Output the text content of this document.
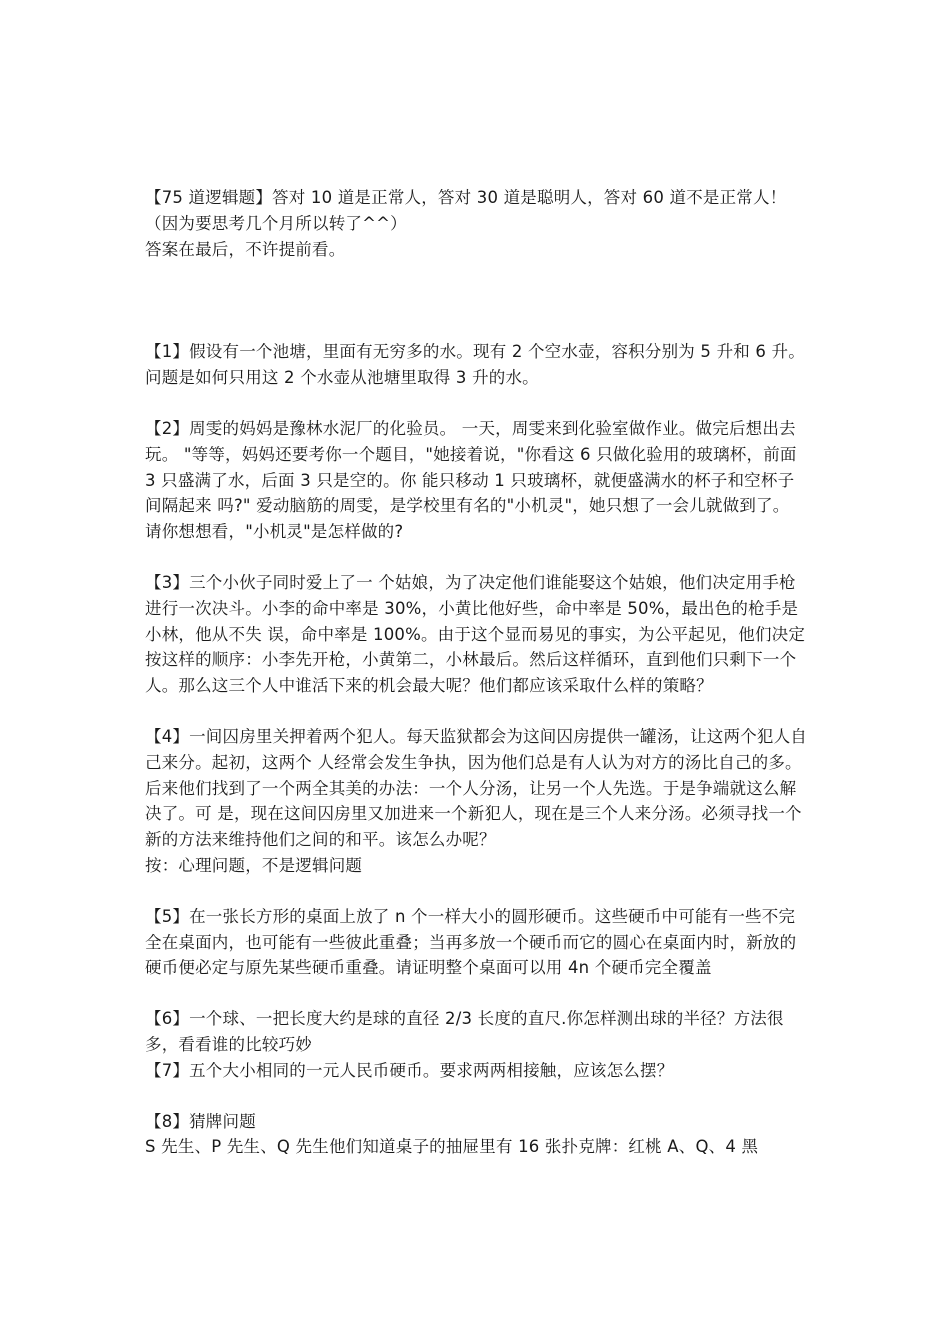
【75 道逻辑题】答对 10 道是正常人，答对 30 道是聪明人，答对 60 道不是正常人！（因为要思考几个月所以转了^^）
答案在最后，不许提前看。

【1】假设有一个池塘，里面有无穷多的水。现有 2 个空水壶，容积分别为 5 升和 6 升。问题是如何只用这 2 个水壶从池塘里取得 3 升的水。

【2】周雯的妈妈是豫林水泥厂的化验员。 一天，周雯来到化验室做作业。做完后想出去玩。 "等等，妈妈还要考你一个题目，"她接着说，"你看这 6 只做化验用的玻璃杯，前面 3 只盛满了水，后面 3 只是空的。你 能只移动 1 只玻璃杯，就便盛满水的杯子和空杯子间隔起来 吗?" 爱动脑筋的周雯，是学校里有名的"小机灵"，她只想了一会儿就做到了。 请你想想看，"小机灵"是怎样做的?

【3】三个小伙子同时爱上了一 个姑娘，为了决定他们谁能娶这个姑娘，他们决定用手枪进行一次决斗。小李的命中率是 30%，小黄比他好些，命中率是 50%，最出色的枪手是小林，他从不失 误，命中率是 100%。由于这个显而易见的事实，为公平起见，他们决定按这样的顺序：小李先开枪，小黄第二，小林最后。然后这样循环，直到他们只剩下一个 人。那么这三个人中谁活下来的机会最大呢？他们都应该采取什么样的策略？

【4】一间囚房里关押着两个犯人。每天监狱都会为这间囚房提供一罐汤，让这两个犯人自己来分。起初，这两个 人经常会发生争执，因为他们总是有人认为对方的汤比自己的多。后来他们找到了一个两全其美的办法：一个人分汤，让另一个人先选。于是争端就这么解决了。可 是，现在这间囚房里又加进来一个新犯人，现在是三个人来分汤。必须寻找一个新的方法来维持他们之间的和平。该怎么办呢？
按：心理问题，不是逻辑问题

【5】在一张长方形的桌面上放了 n 个一样大小的圆形硬币。这些硬币中可能有一些不完全在桌面内，也可能有一些彼此重叠；当再多放一个硬币而它的圆心在桌面内时，新放的硬币便必定与原先某些硬币重叠。请证明整个桌面可以用 4n 个硬币完全覆盖

【6】一个球、一把长度大约是球的直径 2/3 长度的直尺.你怎样测出球的半径？方法很多，看看谁的比较巧妙
【7】五个大小相同的一元人民币硬币。要求两两相接触，应该怎么摆？

【8】猜牌问题
S 先生、P 先生、Q 先生他们知道桌子的抽屉里有 16 张扑克牌：红桃 A、Q、4 黑
